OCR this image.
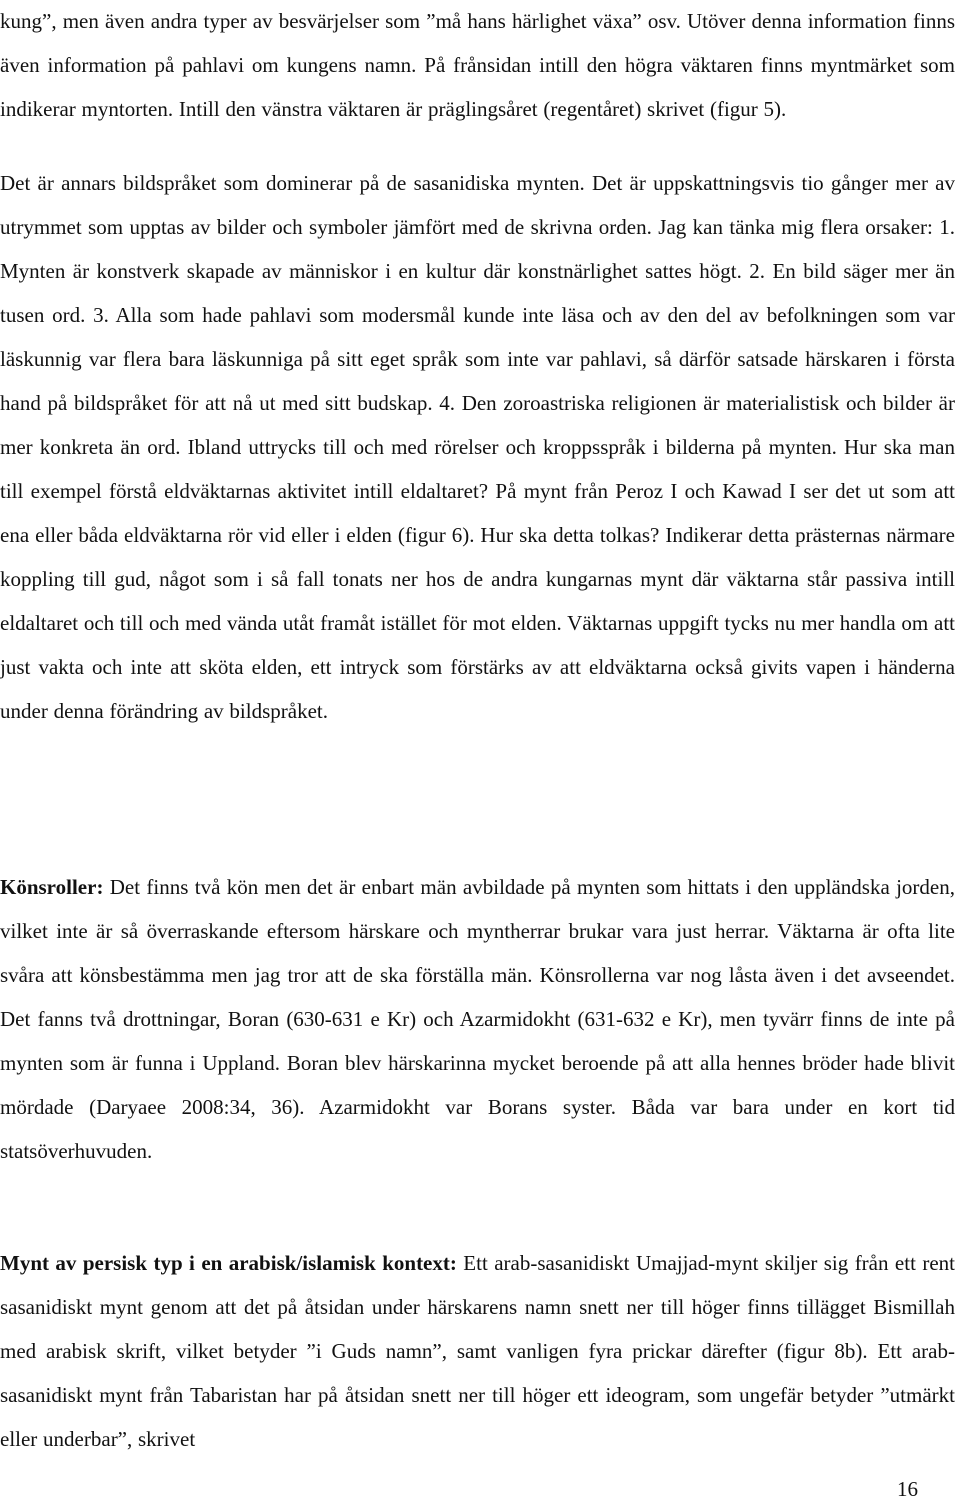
kung”, men även andra typer av besvärjelser som ”må hans härlighet växa” osv. Utöver denna information finns även information på pahlavi om kungens namn. På frånsidan intill den högra väktaren finns myntmärket som indikerar myntorten. Intill den vänstra väktaren är präglingsåret (regentåret) skrivet (figur 5).

Det är annars bildspråket som dominerar på de sasanidiska mynten. Det är uppskattningsvis tio gånger mer av utrymmet som upptas av bilder och symboler jämfört med de skrivna orden. Jag kan tänka mig flera orsaker: 1. Mynten är konstverk skapade av människor i en kultur där konstnärlighet sattes högt. 2. En bild säger mer än tusen ord. 3. Alla som hade pahlavi som modersmål kunde inte läsa och av den del av befolkningen som var läskunnig var flera bara läskunniga på sitt eget språk som inte var pahlavi, så därför satsade härskaren i första hand på bildspråket för att nå ut med sitt budskap. 4. Den zoroastriska religionen är materialistisk och bilder är mer konkreta än ord. Ibland uttrycks till och med rörelser och kroppsspråk i bilderna på mynten. Hur ska man till exempel förstå eldväktarnas aktivitet intill eldaltaret? På mynt från Peroz I och Kawad I ser det ut som att ena eller båda eldväktarna rör vid eller i elden (figur 6). Hur ska detta tolkas? Indikerar detta prästernas närmare koppling till gud, något som i så fall tonats ner hos de andra kungarnas mynt där väktarna står passiva intill eldaltaret och till och med vända utåt framåt istället för mot elden. Väktarnas uppgift tycks nu mer handla om att just vakta och inte att sköta elden, ett intryck som förstärks av att eldväktarna också givits vapen i händerna under denna förändring av bildspråket.

Könsroller: Det finns två kön men det är enbart män avbildade på mynten som hittats i den uppländska jorden, vilket inte är så överraskande eftersom härskare och myntherrar brukar vara just herrar. Väktarna är ofta lite svåra att könsbestämma men jag tror att de ska förställa män. Könsrollerna var nog låsta även i det avseendet. Det fanns två drottningar, Boran (630-631 e Kr) och Azarmidokht (631-632 e Kr), men tyvärr finns de inte på mynten som är funna i Uppland. Boran blev härskarinna mycket beroende på att alla hennes bröder hade blivit mördade (Daryaee 2008:34, 36). Azarmidokht var Borans syster. Båda var bara under en kort tid statsöverhuvuden.

Mynt av persisk typ i en arabisk/islamisk kontext: Ett arab-sasanidiskt Umajjad-mynt skiljer sig från ett rent sasanidiskt mynt genom att det på åtsidan under härskarens namn snett ner till höger finns tillägget Bismillah med arabisk skrift, vilket betyder ”i Guds namn”, samt vanligen fyra prickar därefter (figur 8b). Ett arab-sasanidiskt mynt från Tabaristan har på åtsidan snett ner till höger ett ideogram, som ungefär betyder ”utmärkt eller underbar”, skrivet

16
